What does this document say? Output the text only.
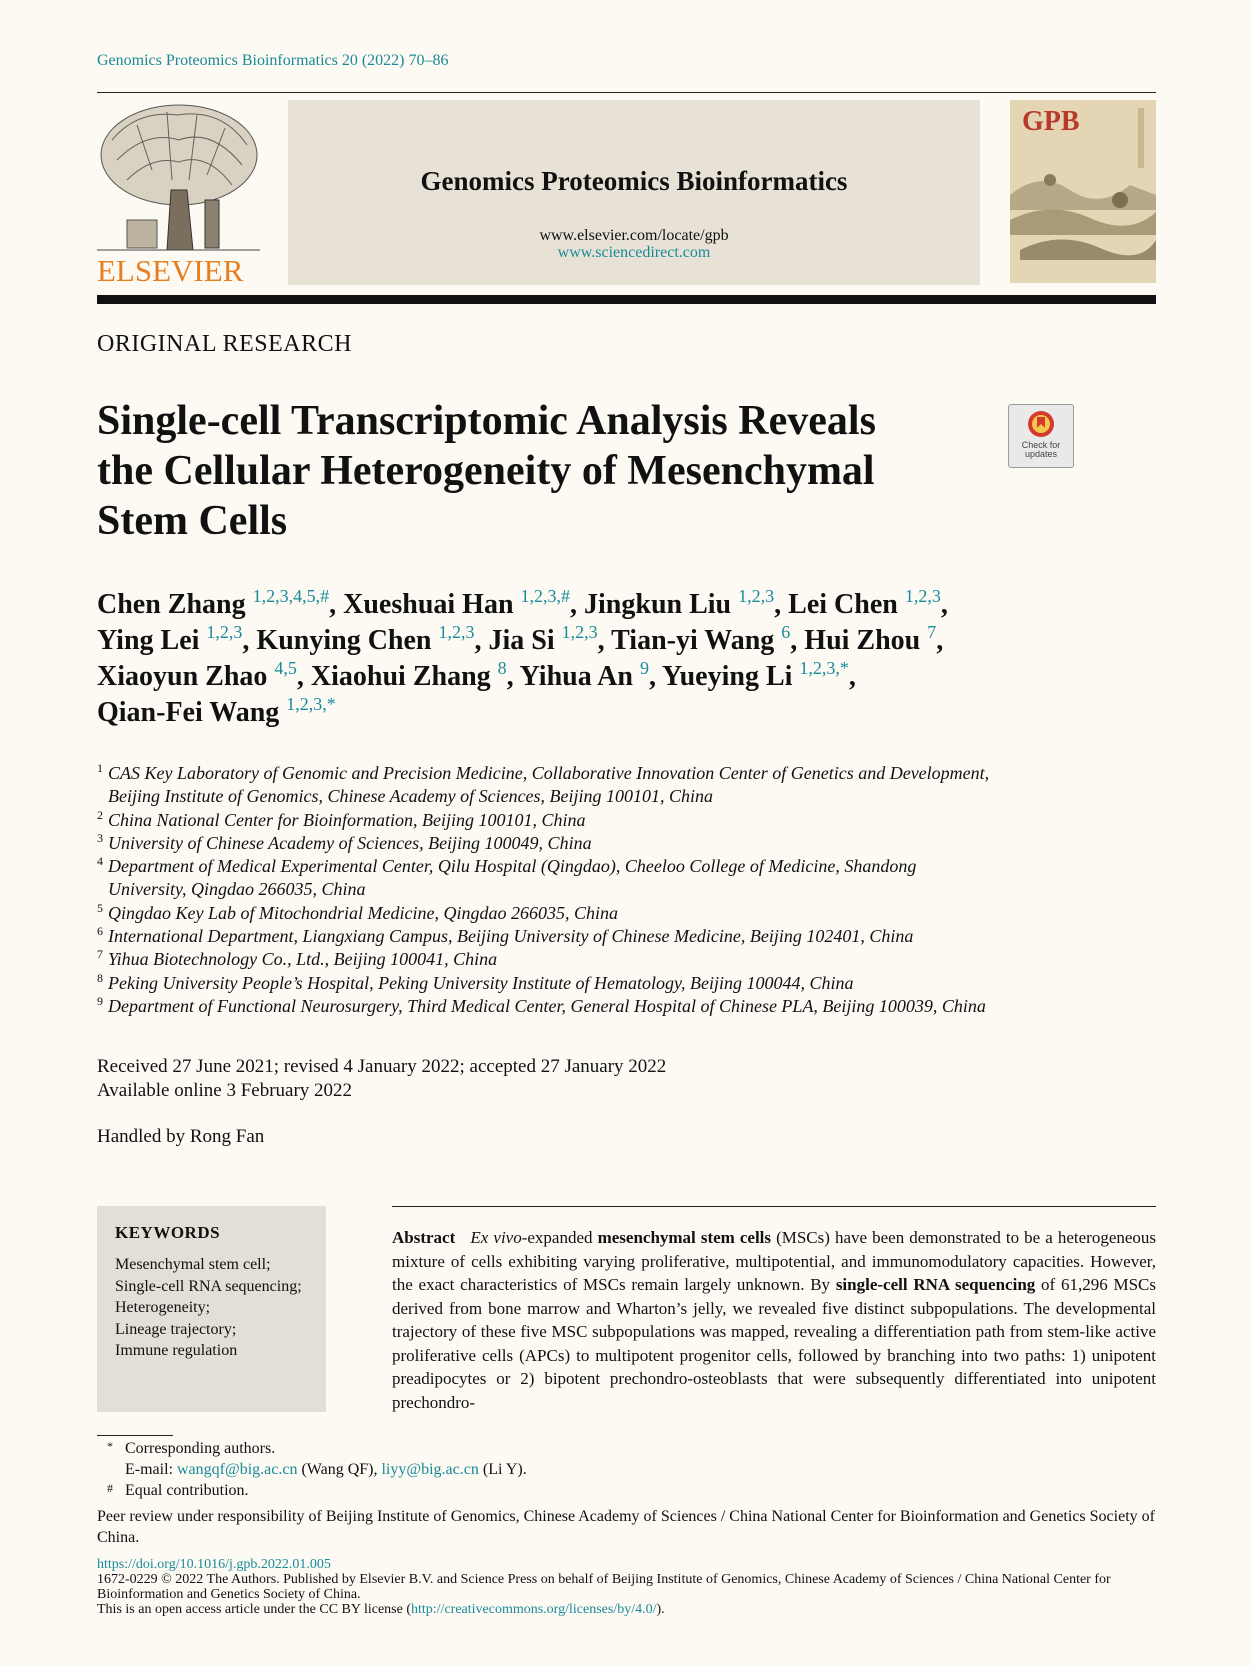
Genomics Proteomics Bioinformatics 20 (2022) 70–86
ELSEVIER
Genomics Proteomics Bioinformatics
www.elsevier.com/locate/gpb
www.sciencedirect.com
GPB
ORIGINAL RESEARCH
Single-cell Transcriptomic Analysis Reveals the Cellular Heterogeneity of Mesenchymal Stem Cells
Check for updates
Chen Zhang $^{1,2,3,4,5,\#}$, Xueshuai Han $^{1,2,3,\#}$, Jingkun Liu $^{1,2,3}$, Lei Chen $^{1,2,3}$,
Ying Lei $^{1,2,3}$, Kunying Chen $^{1,2,3}$, Jia Si $^{1,2,3}$, Tian-yi Wang $^6$, Hui Zhou $^7$,
Xiaoyun Zhao $^{4,5}$, Xiaohui Zhang $^8$, Yihua An $^9$, Yueying Li $^{1,2,3,*}$,
Qian-Fei Wang $^{1,2,3,*}$
1 CAS Key Laboratory of Genomic and Precision Medicine, Collaborative Innovation Center of Genetics and Development,
Beijing Institute of Genomics, Chinese Academy of Sciences, Beijing 100101, China
2 China National Center for Bioinformation, Beijing 100101, China
3 University of Chinese Academy of Sciences, Beijing 100049, China
4 Department of Medical Experimental Center, Qilu Hospital (Qingdao), Cheeloo College of Medicine, Shandong
University, Qingdao 266035, China
5 Qingdao Key Lab of Mitochondrial Medicine, Qingdao 266035, China
6 International Department, Liangxiang Campus, Beijing University of Chinese Medicine, Beijing 102401, China
7 Yihua Biotechnology Co., Ltd., Beijing 100041, China
8 Peking University People’s Hospital, Peking University Institute of Hematology, Beijing 100044, China
9 Department of Functional Neurosurgery, Third Medical Center, General Hospital of Chinese PLA, Beijing 100039, China
Received 27 June 2021; revised 4 January 2022; accepted 27 January 2022
Available online 3 February 2022
Handled by Rong Fan
KEYWORDS
Mesenchymal stem cell;
Single-cell RNA sequencing;
Heterogeneity;
Lineage trajectory;
Immune regulation
Abstract Ex vivo-expanded mesenchymal stem cells (MSCs) have been demonstrated to be a heterogeneous mixture of cells exhibiting varying proliferative, multipotential, and immunomodulatory capacities. However, the exact characteristics of MSCs remain largely unknown. By single-cell RNA sequencing of 61,296 MSCs derived from bone marrow and Wharton’s jelly, we revealed five distinct subpopulations. The developmental trajectory of these five MSC subpopulations was mapped, revealing a differentiation path from stem-like active proliferative cells (APCs) to multipotent progenitor cells, followed by branching into two paths: 1) unipotent preadipocytes or 2) bipotent prechondro-osteoblasts that were subsequently differentiated into unipotent prechondro-
* Corresponding authors.
E-mail: wangqf@big.ac.cn (Wang QF), liyy@big.ac.cn (Li Y).
# Equal contribution.
Peer review under responsibility of Beijing Institute of Genomics, Chinese Academy of Sciences / China National Center for Bioinformation and Genetics Society of China.
https://doi.org/10.1016/j.gpb.2022.01.005
1672-0229 © 2022 The Authors. Published by Elsevier B.V. and Science Press on behalf of Beijing Institute of Genomics, Chinese Academy of Sciences / China National Center for Bioinformation and Genetics Society of China.
This is an open access article under the CC BY license (http://creativecommons.org/licenses/by/4.0/).
